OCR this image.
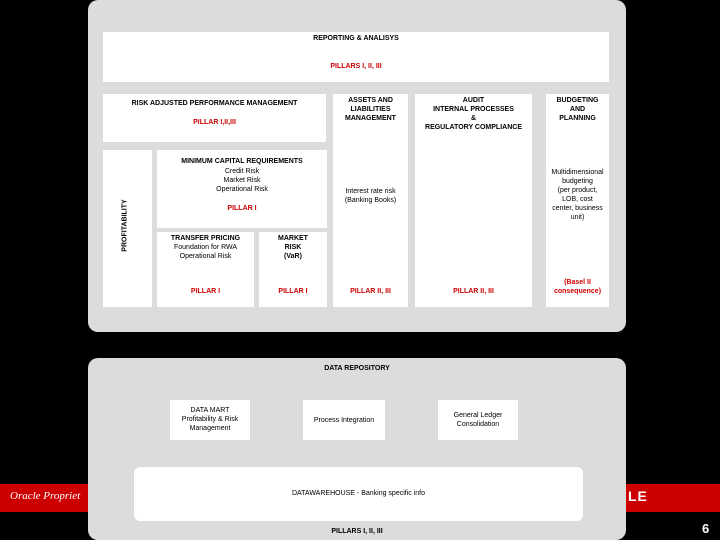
Oracle Propriet	LE
6
REPORTING & ANALISYS
PILLARS I, II, III
RISK ADJUSTED PERFORMANCE MANAGEMENT
PILLAR I,II,III
PROFITABILITY
MINIMUM CAPITAL REQUIREMENTS
Credit Risk
Market Risk
Operational Risk
PILLAR I
TRANSFER PRICING
Foundation for RWA
Operational Risk
PILLAR I
MARKET
RISK
(VaR)
PILLAR I
ASSETS AND
LIABILITIES
MANAGEMENT
Interest rate risk
(Banking Books)
PILLAR II, III
AUDIT
INTERNAL PROCESSES
&
REGULATORY COMPLIANCE
PILLAR II, III
BUDGETING
AND
PLANNING
Multidimensional
budgeting
(per product,
LOB, cost
center, business
unit)
(Basel II
consequence)
DATA REPOSITORY
DATA MART
Profitability & Risk
Management
Process Integration
General Ledger
Consolidation
DATAWAREHOUSE - Banking specific info
PILLARS I, II, III
